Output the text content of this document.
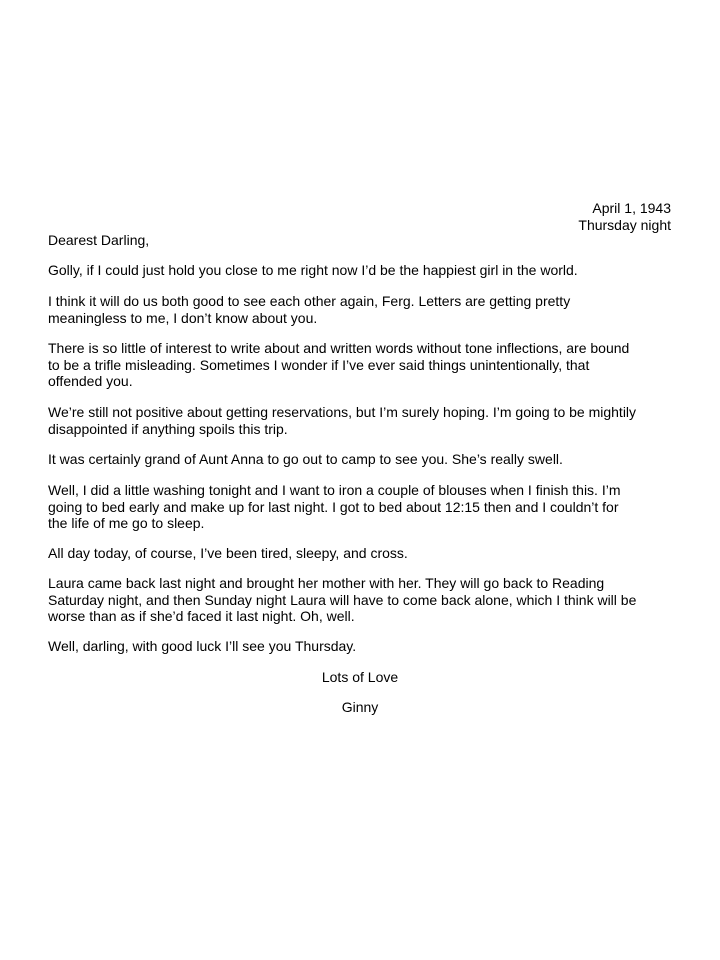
April 1, 1943
Thursday night
Dearest Darling,
Golly, if I could just hold you close to me right now I’d be the happiest girl in the world.
I think it will do us both good to see each other again, Ferg. Letters are getting pretty
meaningless to me, I don’t know about you.
There is so little of interest to write about and written words without tone inflections, are bound
to be a trifle misleading. Sometimes I wonder if I’ve ever said things unintentionally, that
offended you.
We’re still not positive about getting reservations, but I’m surely hoping. I’m going to be mightily
disappointed if anything spoils this trip.
It was certainly grand of Aunt Anna to go out to camp to see you. She’s really swell.
Well, I did a little washing tonight and I want to iron a couple of blouses when I finish this. I’m
going to bed early and make up for last night. I got to bed about 12:15 then and I couldn’t for
the life of me go to sleep.
All day today, of course, I’ve been tired, sleepy, and cross.
Laura came back last night and brought her mother with her. They will go back to Reading
Saturday night, and then Sunday night Laura will have to come back alone, which I think will be
worse than as if she’d faced it last night. Oh, well.
Well, darling, with good luck I’ll see you Thursday.
Lots of Love
Ginny
